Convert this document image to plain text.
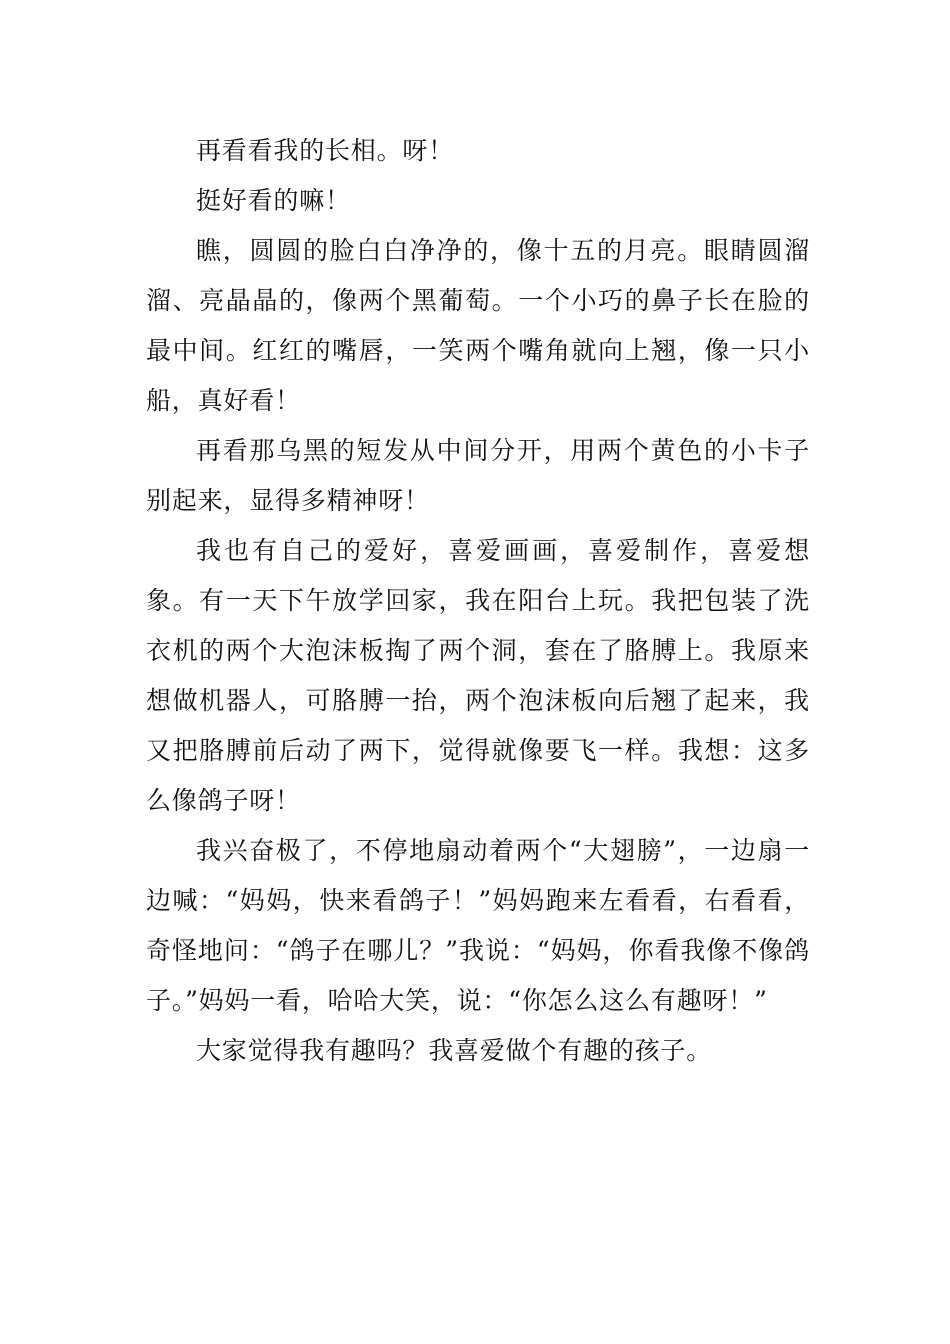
再看看我的长相。呀！

挺好看的嘛！

瞧，圆圆的脸白白净净的，像十五的月亮。眼睛圆溜溜、亮晶晶的，像两个黑葡萄。一个小巧的鼻子长在脸的最中间。红红的嘴唇，一笑两个嘴角就向上翘，像一只小船，真好看！

再看那乌黑的短发从中间分开，用两个黄色的小卡子别起来，显得多精神呀！

我也有自己的爱好，喜爱画画，喜爱制作，喜爱想象。有一天下午放学回家，我在阳台上玩。我把包装了洗衣机的两个大泡沫板掏了两个洞，套在了胳膊上。我原来想做机器人，可胳膊一抬，两个泡沫板向后翘了起来，我又把胳膊前后动了两下，觉得就像要飞一样。我想：这多么像鸽子呀！

我兴奋极了，不停地扇动着两个“大翅膀”，一边扇一边喊：“妈妈，快来看鸽子！”妈妈跑来左看看，右看看，奇怪地问：“鸽子在哪儿？”我说：“妈妈，你看我像不像鸽子。”妈妈一看，哈哈大笑，说：“你怎么这么有趣呀！”

大家觉得我有趣吗？我喜爱做个有趣的孩子。
